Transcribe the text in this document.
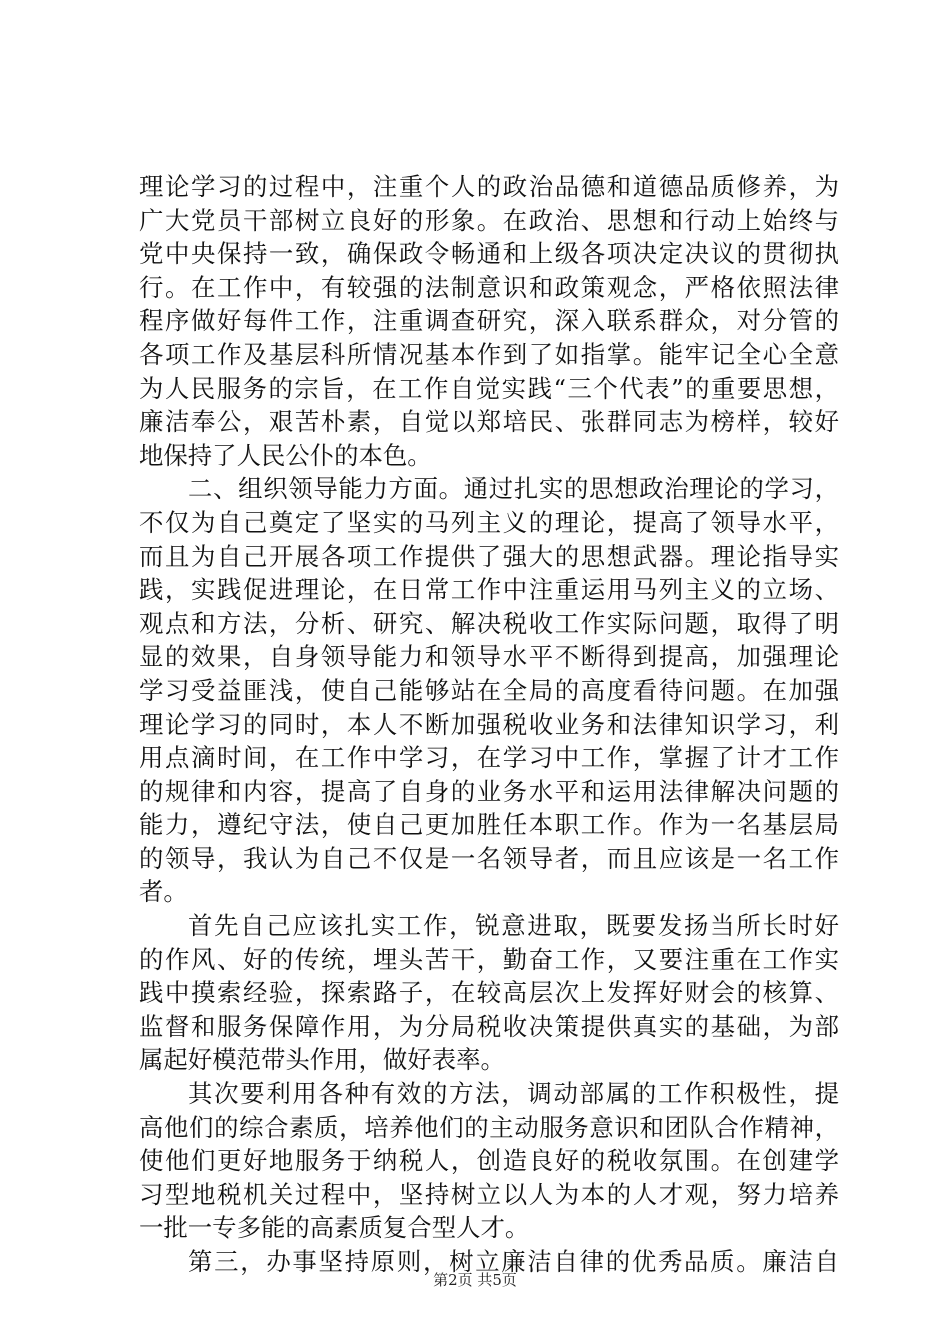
理论学习的过程中，注重个人的政治品德和道德品质修养，为
广大党员干部树立良好的形象。在政治、思想和行动上始终与
党中央保持一致，确保政令畅通和上级各项决定决议的贯彻执
行。在工作中，有较强的法制意识和政策观念，严格依照法律
程序做好每件工作，注重调查研究，深入联系群众，对分管的
各项工作及基层科所情况基本作到了如指掌。能牢记全心全意
为人民服务的宗旨，在工作自觉实践“三个代表”的重要思想，
廉洁奉公，艰苦朴素，自觉以郑培民、张群同志为榜样，较好
地保持了人民公仆的本色。
二、组织领导能力方面。通过扎实的思想政治理论的学习，
不仅为自己奠定了坚实的马列主义的理论，提高了领导水平，
而且为自己开展各项工作提供了强大的思想武器。理论指导实
践，实践促进理论，在日常工作中注重运用马列主义的立场、
观点和方法，分析、研究、解决税收工作实际问题，取得了明
显的效果，自身领导能力和领导水平不断得到提高，加强理论
学习受益匪浅，使自己能够站在全局的高度看待问题。在加强
理论学习的同时，本人不断加强税收业务和法律知识学习，利
用点滴时间，在工作中学习，在学习中工作，掌握了计才工作
的规律和内容，提高了自身的业务水平和运用法律解决问题的
能力，遵纪守法，使自己更加胜任本职工作。作为一名基层局
的领导，我认为自己不仅是一名领导者，而且应该是一名工作
者。
首先自己应该扎实工作，锐意进取，既要发扬当所长时好
的作风、好的传统，埋头苦干，勤奋工作，又要注重在工作实
践中摸索经验，探索路子，在较高层次上发挥好财会的核算、
监督和服务保障作用，为分局税收决策提供真实的基础，为部
属起好模范带头作用，做好表率。
其次要利用各种有效的方法，调动部属的工作积极性，提
高他们的综合素质，培养他们的主动服务意识和团队合作精神，
使他们更好地服务于纳税人，创造良好的税收氛围。在创建学
习型地税机关过程中，坚持树立以人为本的人才观，努力培养
一批一专多能的高素质复合型人才。
第三，办事坚持原则，树立廉洁自律的优秀品质。廉洁自
第2页 共5页
